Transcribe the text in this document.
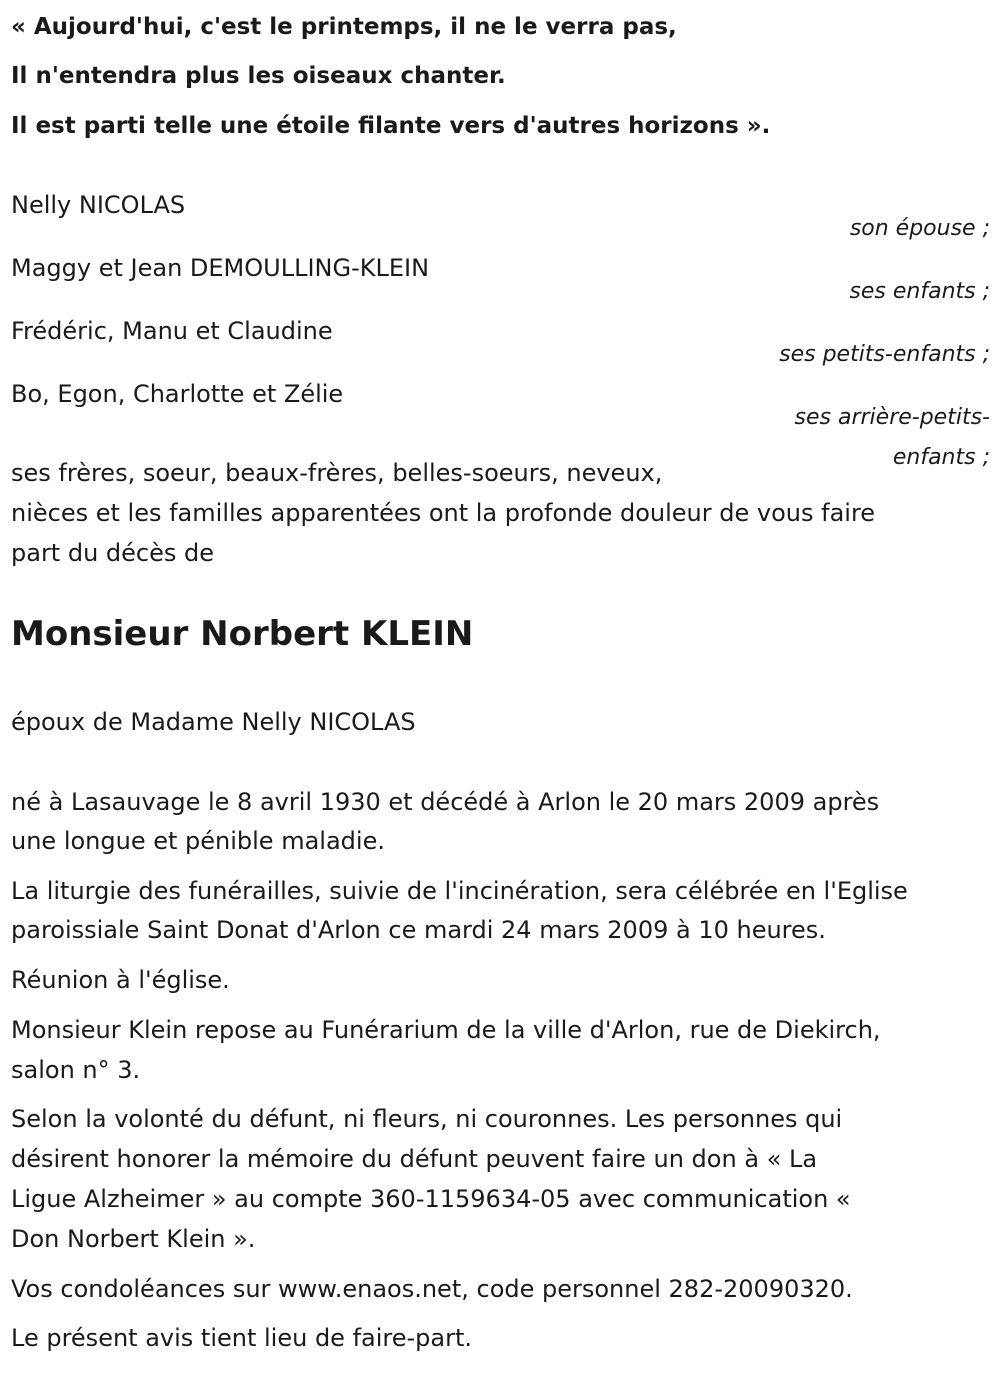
« Aujourd'hui, c'est le printemps, il ne le verra pas,

Il n'entendra plus les oiseaux chanter.

Il est parti telle une étoile filante vers d'autres horizons ».

Nelly NICOLAS

son épouse ;

Maggy et Jean DEMOULLING-KLEIN

ses enfants ;

Frédéric, Manu et Claudine

ses petits-enfants ;

Bo, Egon, Charlotte et Zélie

ses arrière-petits-

enfants ;

ses frères, soeur, beaux-frères, belles-soeurs, neveux,

nièces et les familles apparentées ont la profonde douleur de vous faire

part du décès de

Monsieur Norbert KLEIN

époux de Madame Nelly NICOLAS

né à Lasauvage le 8 avril 1930 et décédé à Arlon le 20 mars 2009 après

une longue et pénible maladie.

La liturgie des funérailles, suivie de l'incinération, sera célébrée en l'Eglise

paroissiale Saint Donat d'Arlon ce mardi 24 mars 2009 à 10 heures.

Réunion à l'église.

Monsieur Klein repose au Funérarium de la ville d'Arlon, rue de Diekirch,

salon n° 3.

Selon la volonté du défunt, ni fleurs, ni couronnes. Les personnes qui

désirent honorer la mémoire du défunt peuvent faire un don à « La

Ligue Alzheimer » au compte 360-1159634-05 avec communication «

Don Norbert Klein ».

Vos condoléances sur www.enaos.net, code personnel 282-20090320.

Le présent avis tient lieu de faire-part.
